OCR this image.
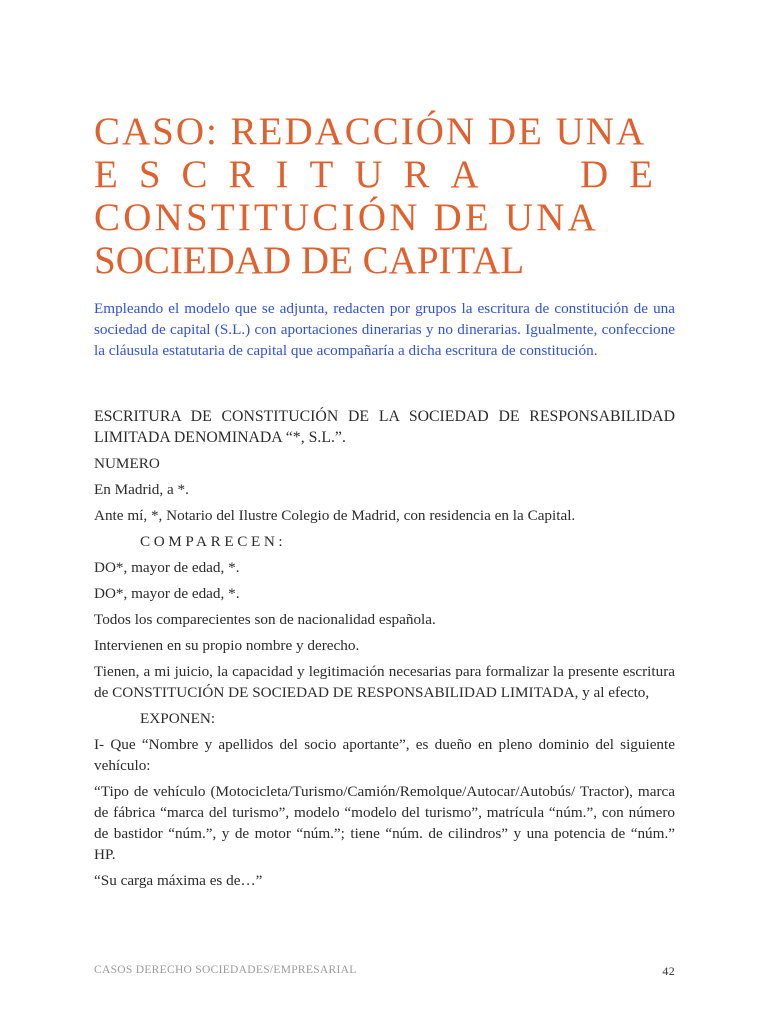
CASO: REDACCIÓN DE UNA
ESCRITURA DE
CONSTITUCIÓN DE UNA
SOCIEDAD DE CAPITAL

Empleando el modelo que se adjunta, redacten por grupos la escritura de constitución de una sociedad de capital (S.L.) con aportaciones dinerarias y no dinerarias. Igualmente, confeccione la cláusula estatutaria de capital que acompañaría a dicha escritura de constitución.

ESCRITURA DE CONSTITUCIÓN DE LA SOCIEDAD DE RESPONSABILIDAD LIMITADA DENOMINADA “*, S.L.”.

NUMERO

En Madrid, a *.

Ante mí, *, Notario del Ilustre Colegio de Madrid, con residencia en la Capital.

COMPARECEN:

DO*, mayor de edad, *.

DO*, mayor de edad, *.

Todos los comparecientes son de nacionalidad española.

Intervienen en su propio nombre y derecho.

Tienen, a mi juicio, la capacidad y legitimación necesarias para formalizar la presente escritura de CONSTITUCIÓN DE SOCIEDAD DE RESPONSABILIDAD LIMITADA, y al efecto,

EXPONEN:

I- Que “Nombre y apellidos del socio aportante”, es dueño en pleno dominio del siguiente vehículo:

“Tipo de vehículo (Motocicleta/Turismo/Camión/Remolque/Autocar/Autobús/ Tractor), marca de fábrica “marca del turismo”, modelo “modelo del turismo”, matrícula “núm.”, con número de bastidor “núm.”, y de motor “núm.”; tiene “núm. de cilindros” y una potencia de “núm.” HP.

“Su carga máxima es de…”

CASOS DERECHO SOCIEDADES/EMPRESARIAL	42
